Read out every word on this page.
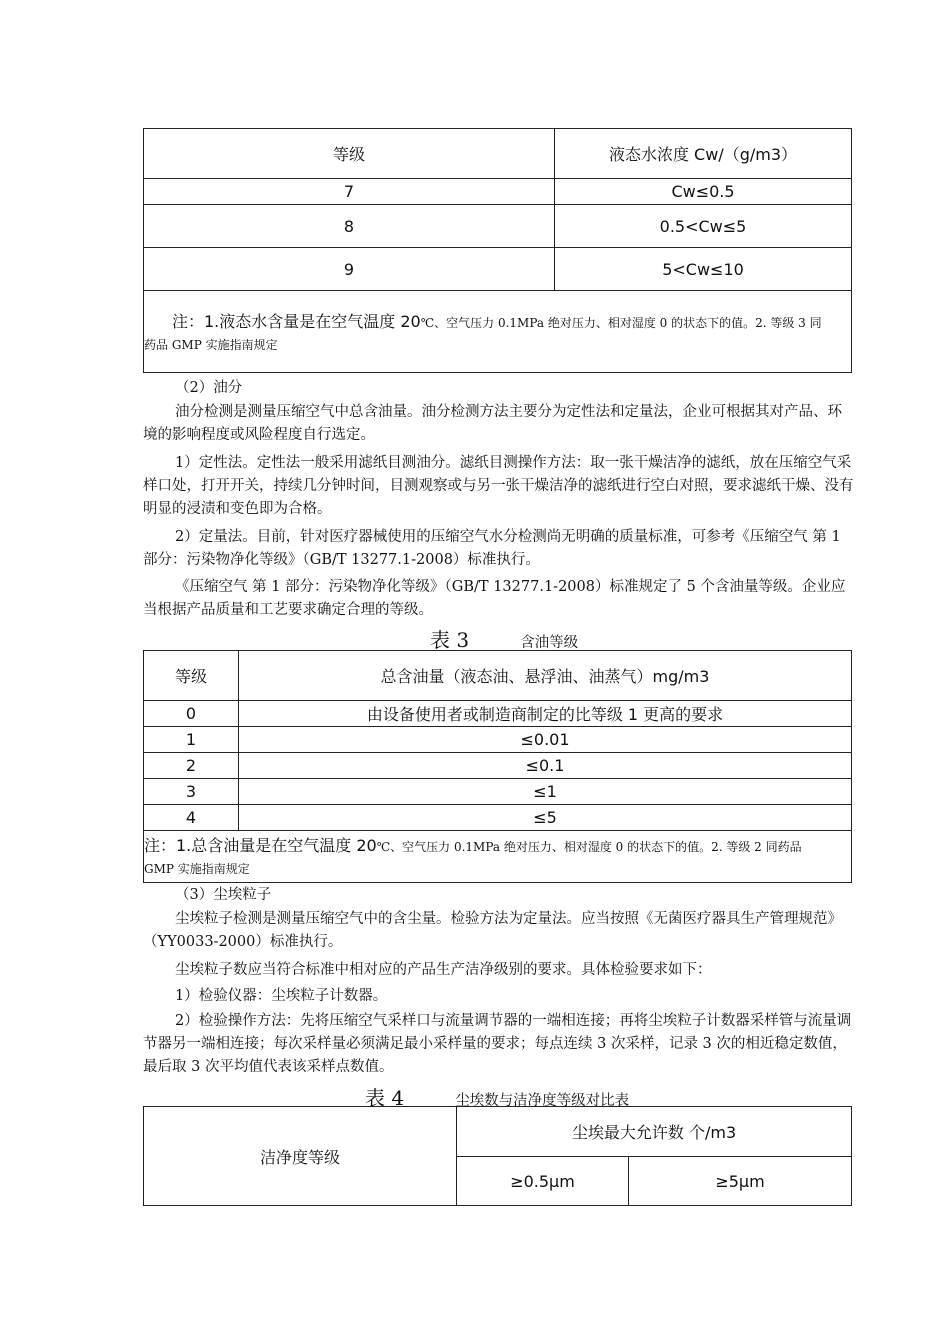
等级	液态水浓度 Cw/（g/m3）
7	Cw≤0.5
8	0.5<Cw≤5
9	5<Cw≤10

注：1.液态水含量是在空气温度 20℃、空气压力 0.1MPa 绝对压力、相对湿度 0 的状态下的值。2. 等级 3 同
药品 GMP 实施指南规定	

（2）油分

油分检测是测量压缩空气中总含油量。油分检测方法主要分为定性法和定量法，企业可根据其对产品、环境的影响程度或风险程度自行选定。

1）定性法。定性法一般采用滤纸目测油分。滤纸目测操作方法：取一张干燥洁净的滤纸，放在压缩空气采样口处，打开开关，持续几分钟时间，目测观察或与另一张干燥洁净的滤纸进行空白对照，要求滤纸干燥、没有明显的浸渍和变色即为合格。

2）定量法。目前，针对医疗器械使用的压缩空气水分检测尚无明确的质量标准，可参考《压缩空气 第 1 部分：污染物净化等级》（GB/T 13277.1-2008）标准执行。

《压缩空气 第 1 部分：污染物净化等级》（GB/T 13277.1-2008）标准规定了 5 个含油量等级。企业应当根据产品质量和工艺要求确定合理的等级。

表 3	含油等级
等级	总含油量（液态油、悬浮油、油蒸气）mg/m3
0	由设备使用者或制造商制定的比等级 1 更高的要求
1	≤0.01
2	≤0.1
3	≤1
4	≤5

注：1.总含油量是在空气温度 20℃、空气压力 0.1MPa 绝对压力、相对湿度 0 的状态下的值。2. 等级 2 同药品
GMP 实施指南规定	

（3）尘埃粒子

尘埃粒子检测是测量压缩空气中的含尘量。检验方法为定量法。应当按照《无菌医疗器具生产管理规范》（YY0033-2000）标准执行。

尘埃粒子数应当符合标准中相对应的产品生产洁净级别的要求。具体检验要求如下：

1）检验仪器：尘埃粒子计数器。

2）检验操作方法：先将压缩空气采样口与流量调节器的一端相连接；再将尘埃粒子计数器采样管与流量调节器另一端相连接；每次采样量必须满足最小采样量的要求；每点连续 3 次采样，记录 3 次的相近稳定数值，最后取 3 次平均值代表该采样点数值。

表 4	尘埃数与洁净度等级对比表
洁净度等级	尘埃最大允许数 个/m3	
	≥0.5μm	≥5μm
